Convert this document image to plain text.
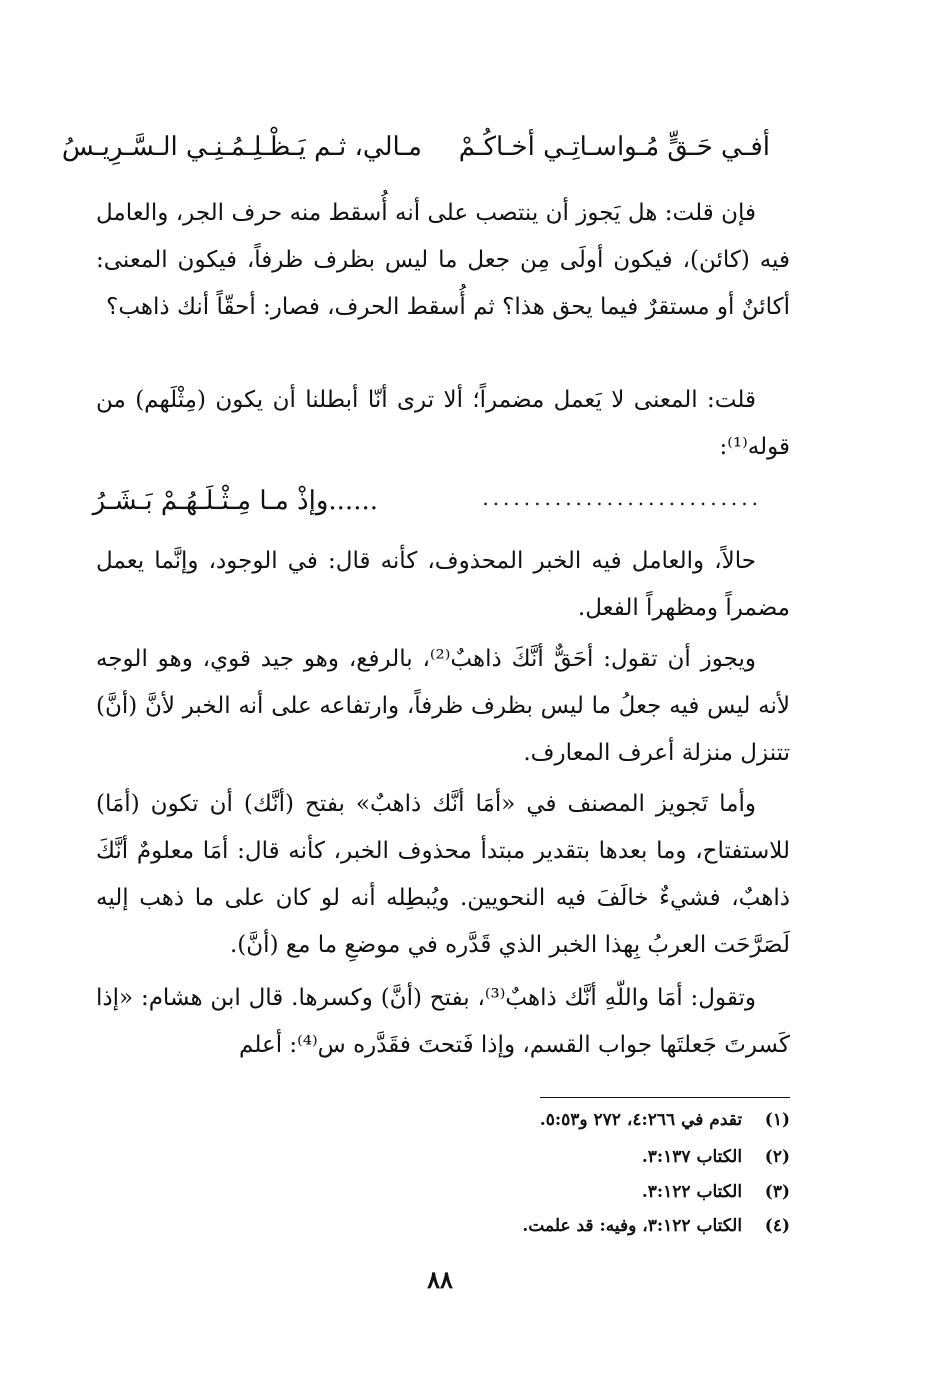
أفـي حَـقٍّ مُـواسـاتِـي أخـاكُـمْ
مـالي، ثـم يَـظْـلِـمُـنِـي الـسَّـرِيـسُ
فإن قلت: هل يَجوز أن ينتصب على أنه أُسقط منه حرف الجر، والعامل فيه (كائن)، فيكون أولَى مِن جعل ما ليس بظرف ظرفاً، فيكون المعنى: أكائنٌ أو مستقرٌ فيما يحق هذا؟ ثم أُسقط الحرف، فصار: أحقّاً أنك ذاهب؟
قلت: المعنى لا يَعمل مضمراً؛ ألا ترى أنّا أبطلنا أن يكون (مِثْلَهم) من قوله⁽¹⁾:
...........................
......وإذْ مـا مِـثْـلَـهُـمْ بَـشَـرُ
حالاً، والعامل فيه الخبر المحذوف، كأنه قال: في الوجود، وإنَّما يعمل مضمراً ومظهراً الفعل.
ويجوز أن تقول: أحَقٌّ أنَّكَ ذاهبٌ⁽²⁾، بالرفع، وهو جيد قوي، وهو الوجه لأنه ليس فيه جعلُ ما ليس بظرف ظرفاً، وارتفاعه على أنه الخبر لأنَّ (أنَّ) تتنزل منزلة أعرف المعارف.
وأما تَجويز المصنف في «أمَا أنَّك ذاهبٌ» بفتح (أنَّك) أن تكون (أمَا) للاستفتاح، وما بعدها بتقدير مبتدأ محذوف الخبر، كأنه قال: أمَا معلومٌ أنَّكَ ذاهبٌ، فشيءٌ خالَفَ فيه النحويين. ويُبطِله أنه لو كان على ما ذهب إليه لَصَرَّحَت العربُ بِهذا الخبر الذي قَدَّره في موضعِ ما مع (أنَّ).
وتقول: أمَا واللّهِ أنَّك ذاهبٌ⁽³⁾، بفتح (أنَّ) وكسرها. قال ابن هشام: «إذا كَسرتَ جَعلتَها جواب القسم، وإذا فَتحتَ فقَدَّره س⁽⁴⁾: أعلم
(١) تقدم في ٤:٢٦٦، ٢٧٢ و٥:٥٣.
(٢) الكتاب ٣:١٣٧.
(٣) الكتاب ٣:١٢٢.
(٤) الكتاب ٣:١٢٢، وفيه: قد علمت.
٨٨
